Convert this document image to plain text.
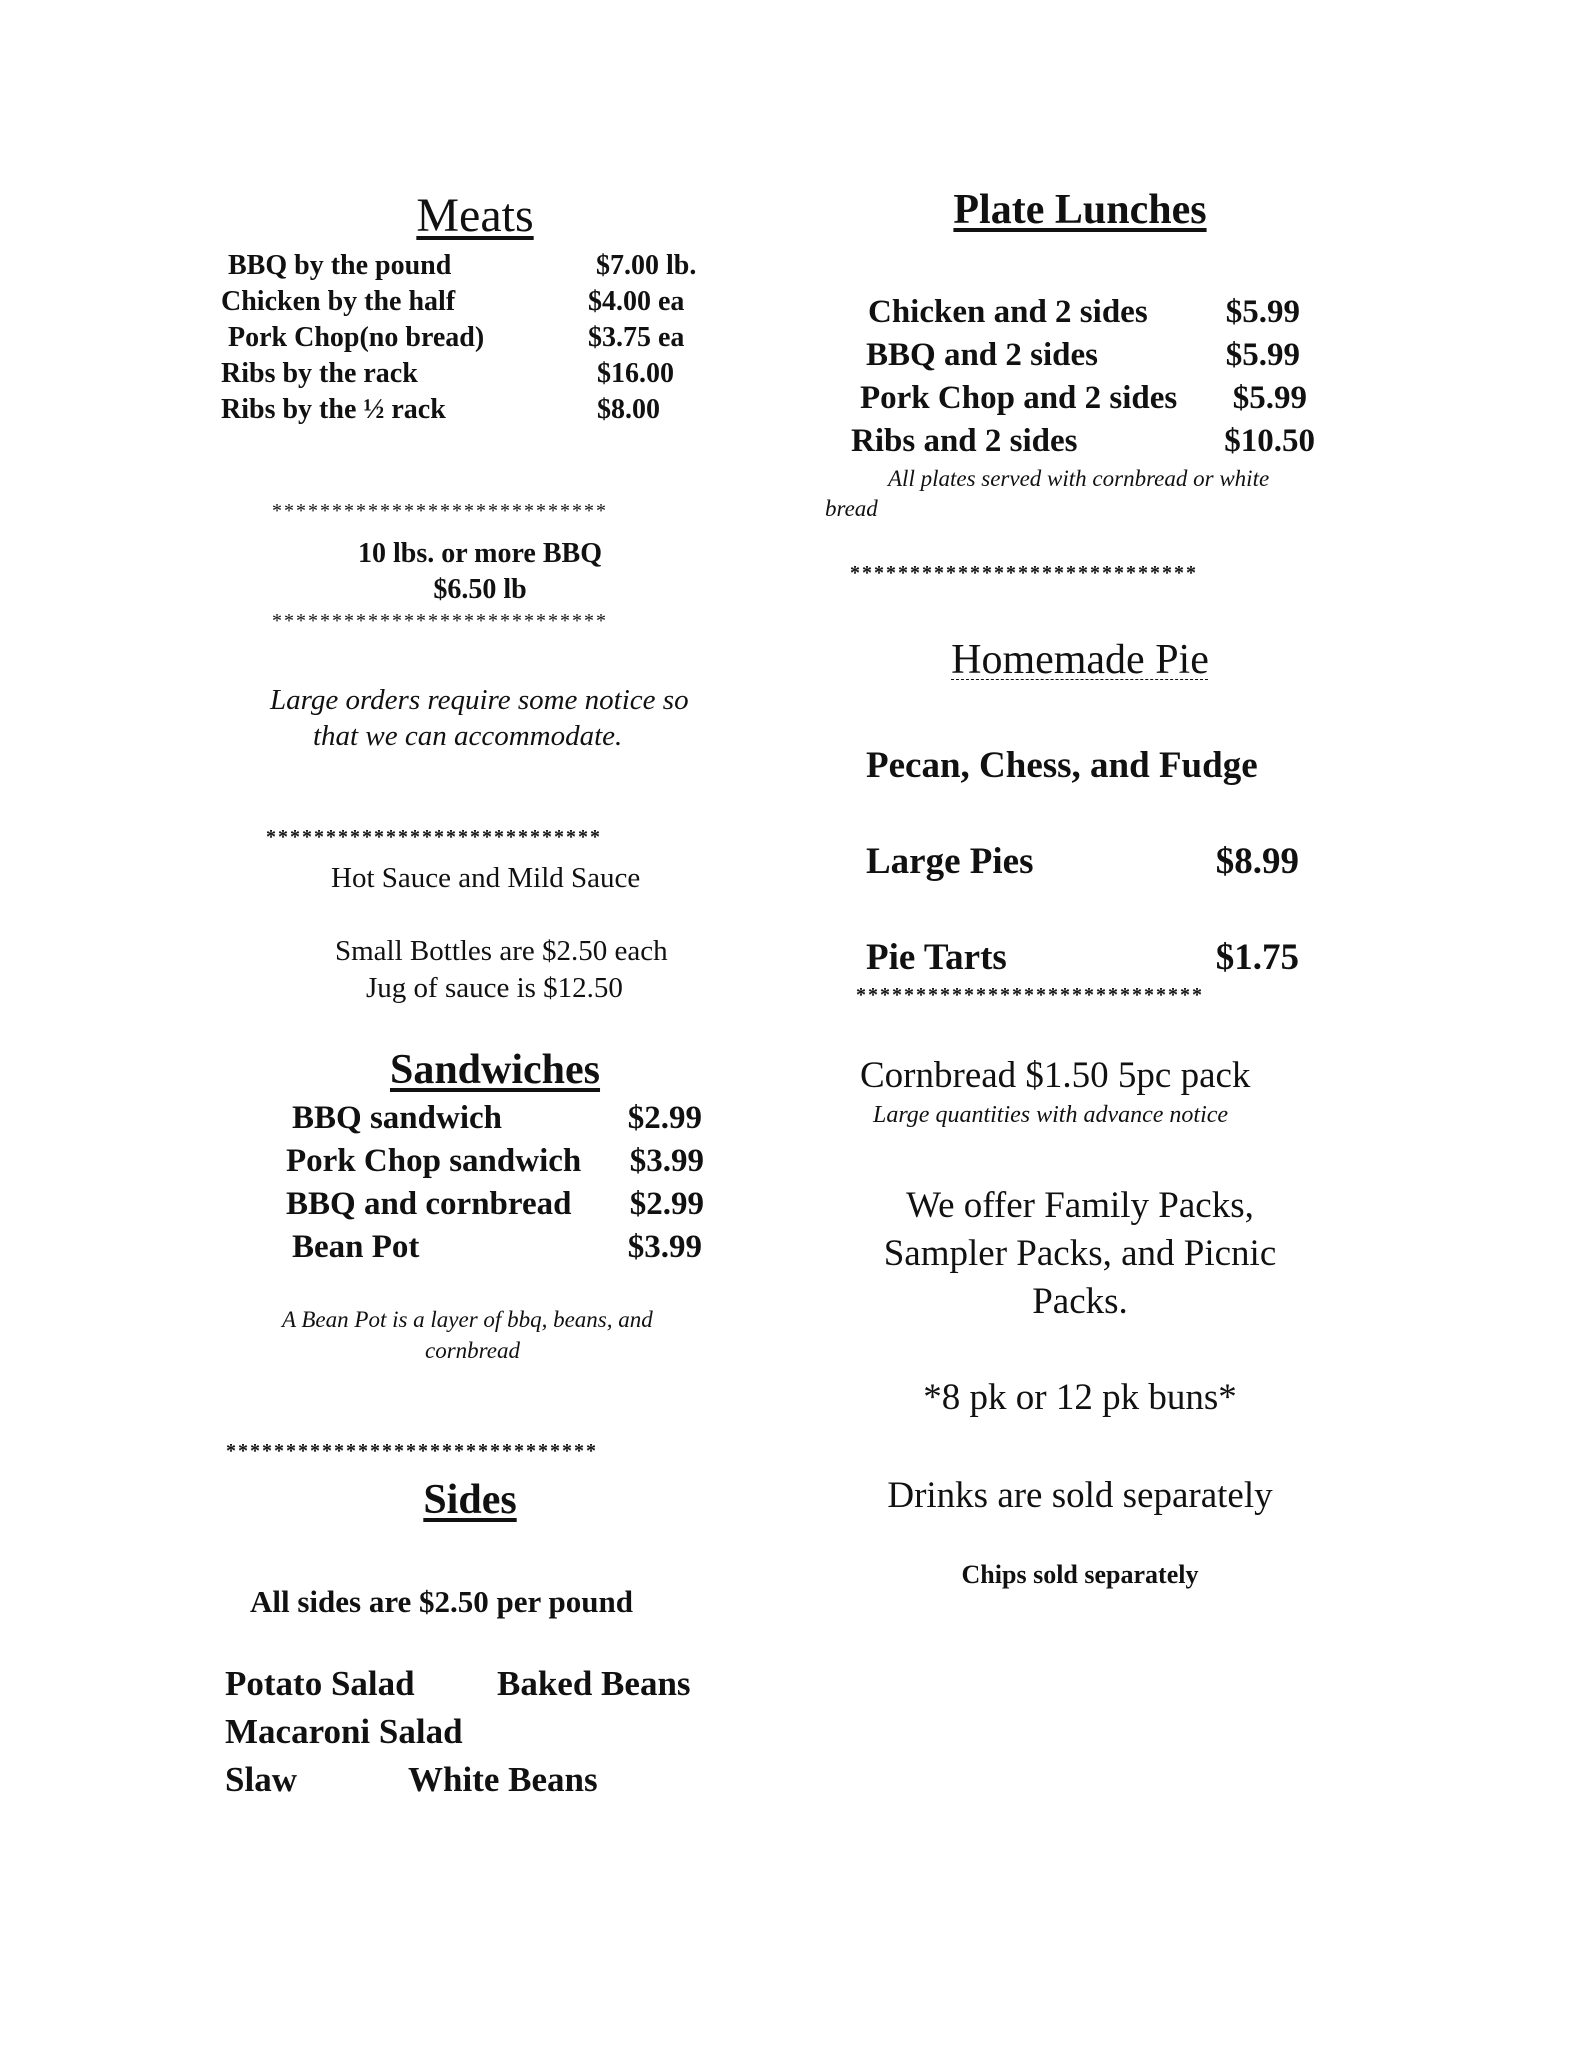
Meats
BBQ by the pound	$7.00 lb.
Chicken by the half	$4.00 ea
Pork Chop(no bread)	$3.75 ea
Ribs by the rack	$16.00
Ribs by the ½ rack	$8.00
****************************
10 lbs. or more BBQ
$6.50 lb
****************************
Large orders require some notice so
that we can accommodate.
****************************
Hot Sauce and Mild Sauce
Small Bottles are $2.50 each
Jug of sauce is $12.50
Sandwiches
BBQ sandwich	$2.99
Pork Chop sandwich $3.99
BBQ and cornbread $2.99
Bean Pot	$3.99
A Bean Pot is a layer of bbq, beans, and
cornbread
*******************************
Sides
All sides are $2.50 per pound
Potato Salad Baked Beans
Macaroni Salad
Slaw	White Beans
Plate Lunches
Chicken and 2 sides $5.99
BBQ and 2 sides	$5.99
Pork Chop and 2 sides $5.99
Ribs and 2 sides	$10.50
All plates served with cornbread or white
bread
*****************************
Homemade Pie
Pecan, Chess, and Fudge
Large Pies	$8.99
Pie Tarts	$1.75
*****************************
Cornbread $1.50 5pc pack
Large quantities with advance notice
We offer Family Packs,
Sampler Packs, and Picnic
Packs.
*8 pk or 12 pk buns*
Drinks are sold separately
Chips sold separately
